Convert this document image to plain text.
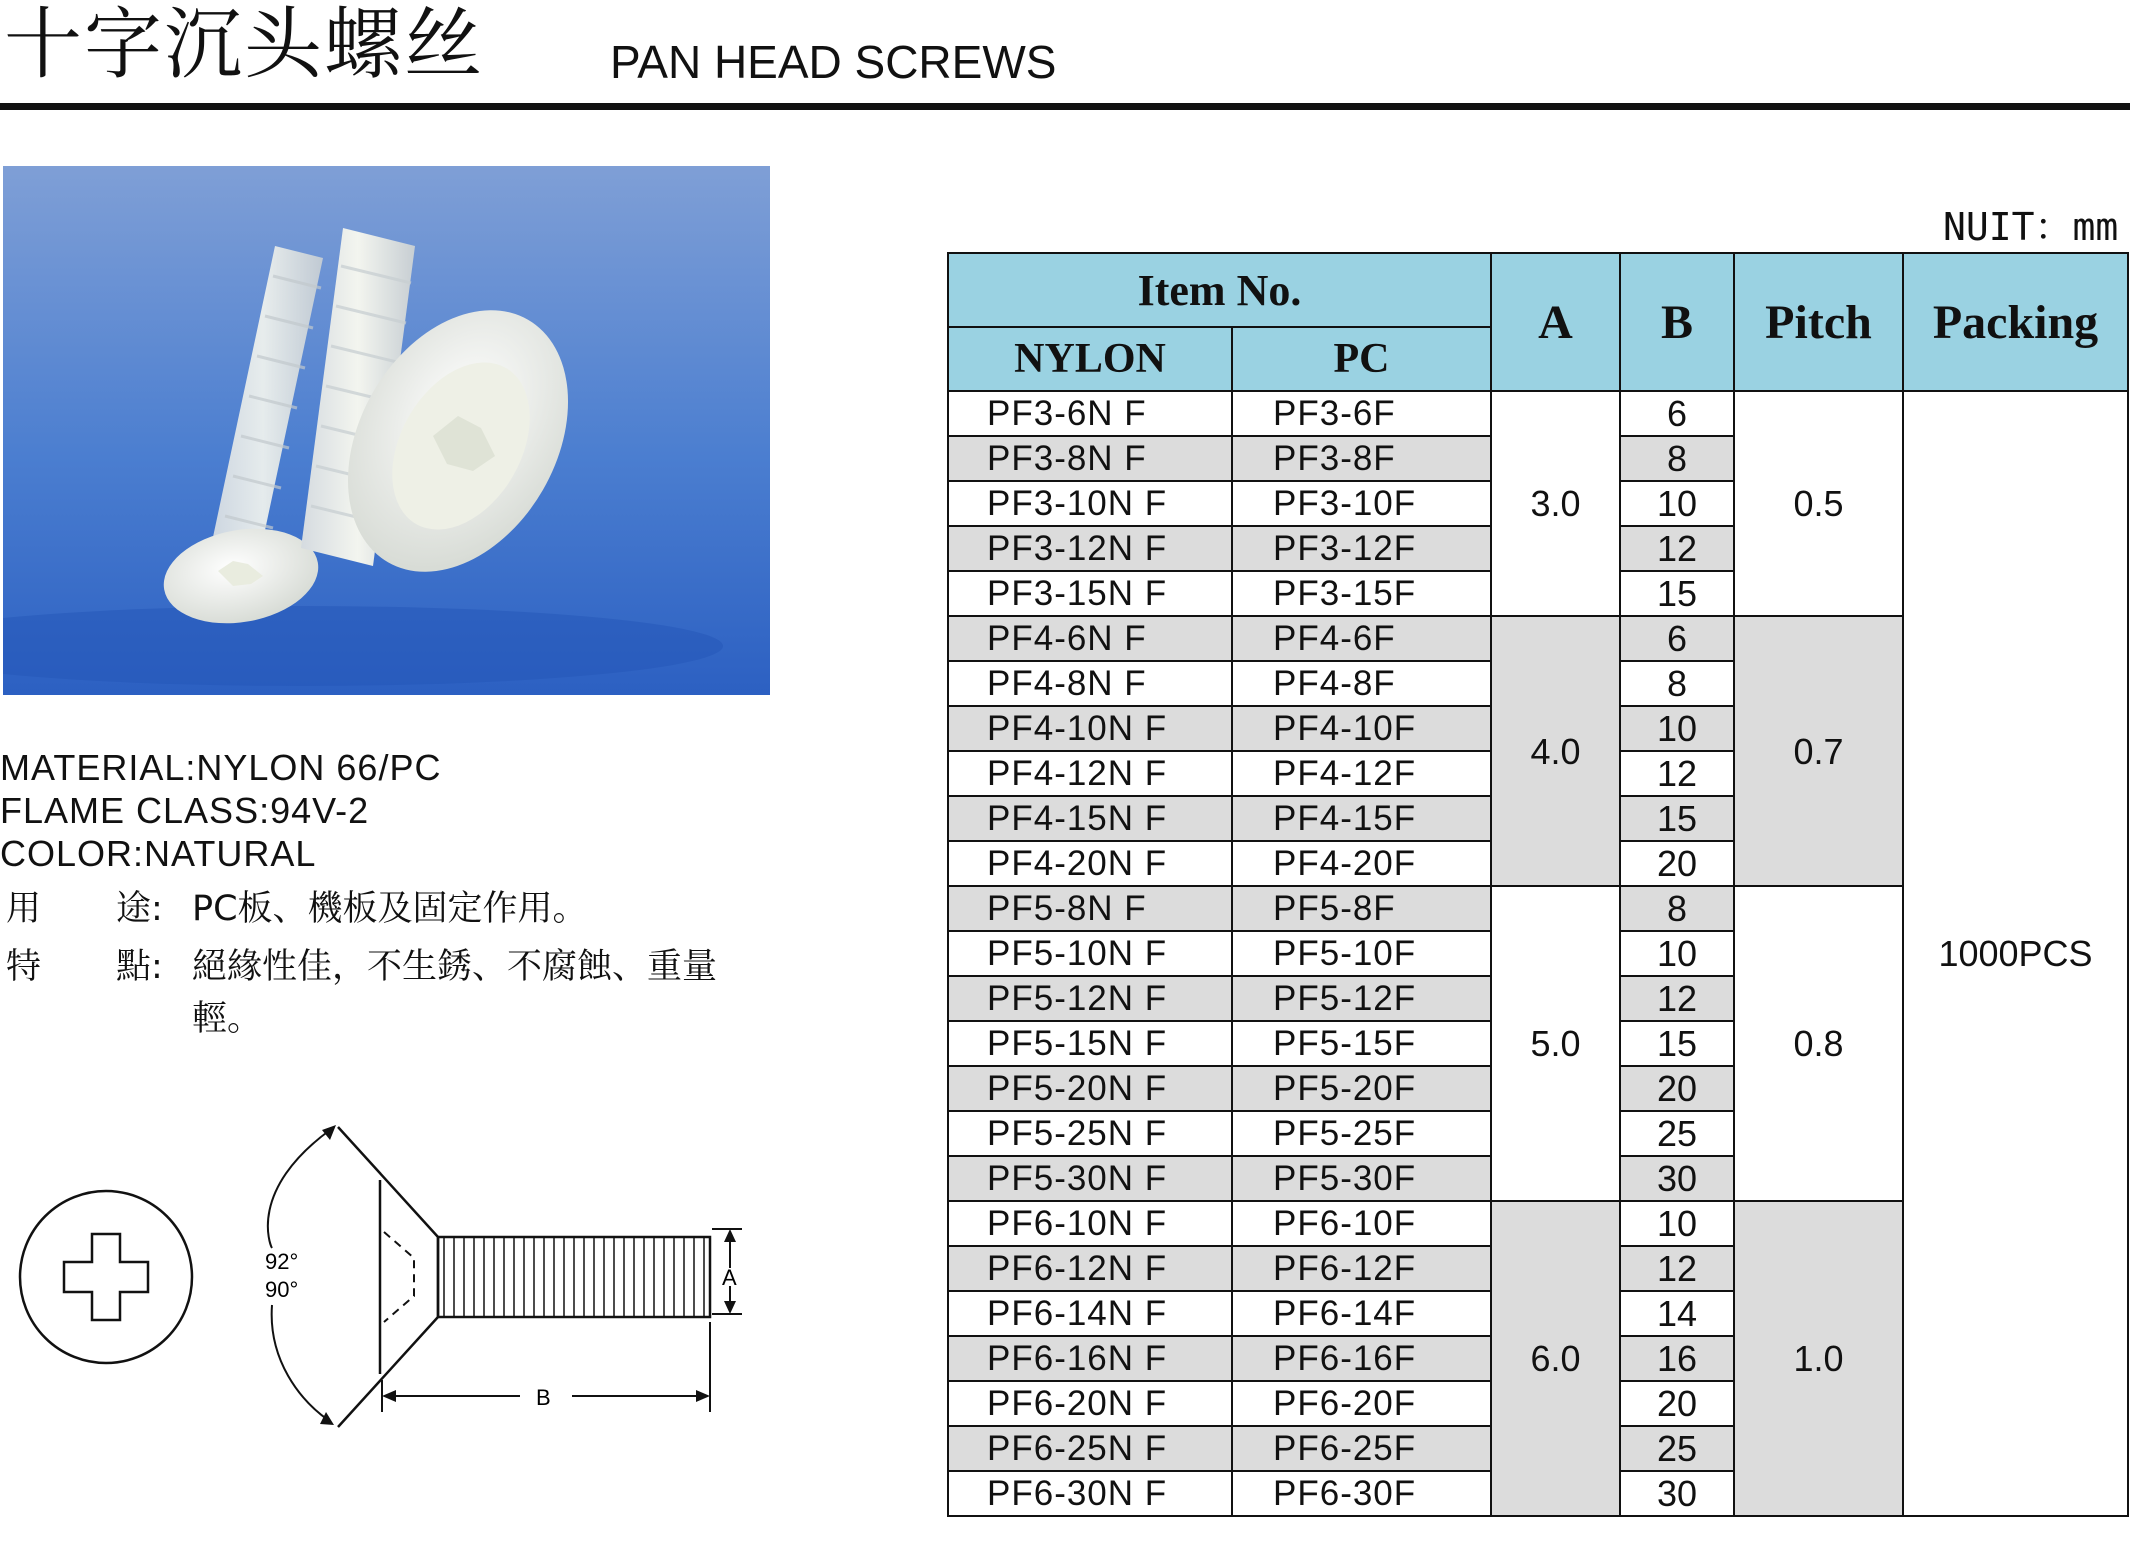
十字沉头螺丝	PAN HEAD SCREWS
MATERIAL:NYLON 66/PC
FLAME CLASS:94V-2
COLOR:NATURAL
用 途: PC板、機板及固定作用。
特 點: 絕緣性佳，不生銹、不腐蝕、重量
輕。
92°
90°	A
B
NUIT：mm
Item No.		A	B	Pitch	Packing
NYLON	PC				
PF3-6N F	PF3-6F	3.0	6	0.5	1000PCS
PF3-8N F	PF3-8F		8		
PF3-10N F	PF3-10F		10		
PF3-12N F	PF3-12F		12		
PF3-15N F	PF3-15F		15		
PF4-6N F	PF4-6F	4.0	6	0.7	
PF4-8N F	PF4-8F		8		
PF4-10N F	PF4-10F		10		
PF4-12N F	PF4-12F		12		
PF4-15N F	PF4-15F		15		
PF4-20N F	PF4-20F		20		
PF5-8N F	PF5-8F	5.0	8	0.8	
PF5-10N F	PF5-10F		10		
PF5-12N F	PF5-12F		12		
PF5-15N F	PF5-15F		15		
PF5-20N F	PF5-20F		20		
PF5-25N F	PF5-25F		25		
PF5-30N F	PF5-30F		30		
PF6-10N F	PF6-10F	6.0	10	1.0	
PF6-12N F	PF6-12F		12		
PF6-14N F	PF6-14F		14		
PF6-16N F	PF6-16F		16		
PF6-20N F	PF6-20F		20		
PF6-25N F	PF6-25F		25		
PF6-30N F	PF6-30F		30		
